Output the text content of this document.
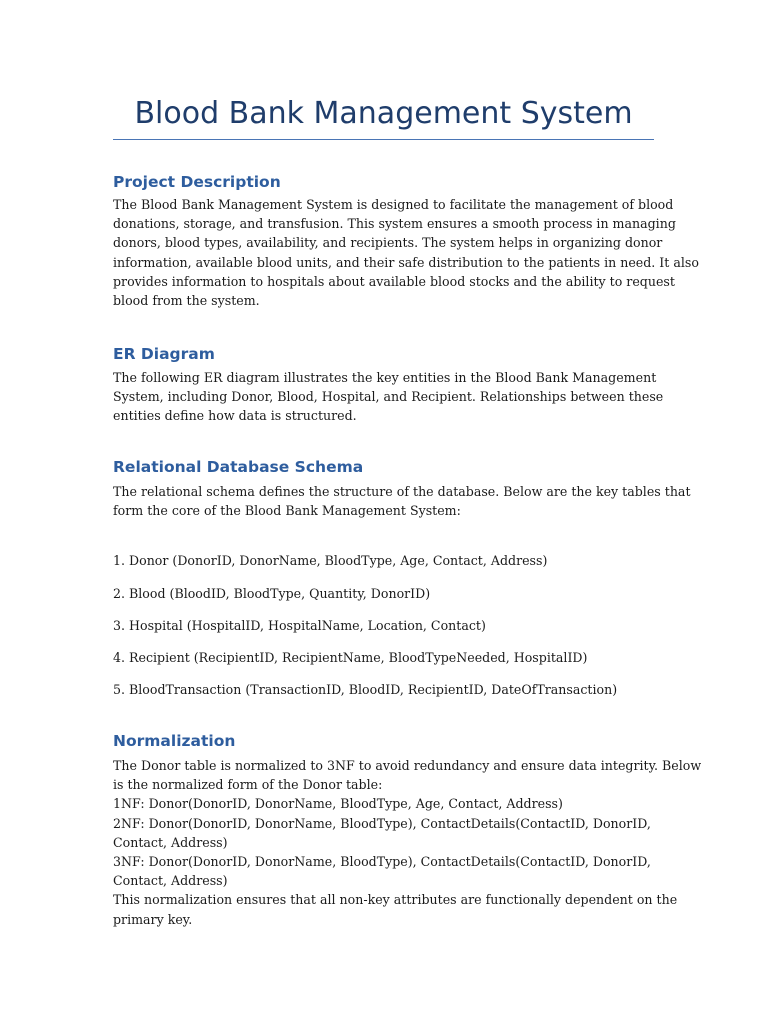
Blood Bank Management System
Project Description
The Blood Bank Management System is designed to facilitate the management of blood
donations, storage, and transfusion. This system ensures a smooth process in managing
donors, blood types, availability, and recipients. The system helps in organizing donor
information, available blood units, and their safe distribution to the patients in need. It also
provides information to hospitals about available blood stocks and the ability to request
blood from the system.
ER Diagram
The following ER diagram illustrates the key entities in the Blood Bank Management
System, including Donor, Blood, Hospital, and Recipient. Relationships between these
entities define how data is structured.
Relational Database Schema
The relational schema defines the structure of the database. Below are the key tables that
form the core of the Blood Bank Management System:
1. Donor (DonorID, DonorName, BloodType, Age, Contact, Address)
2. Blood (BloodID, BloodType, Quantity, DonorID)
3. Hospital (HospitalID, HospitalName, Location, Contact)
4. Recipient (RecipientID, RecipientName, BloodTypeNeeded, HospitalID)
5. BloodTransaction (TransactionID, BloodID, RecipientID, DateOfTransaction)
Normalization
The Donor table is normalized to 3NF to avoid redundancy and ensure data integrity. Below
is the normalized form of the Donor table:
1NF: Donor(DonorID, DonorName, BloodType, Age, Contact, Address)
2NF: Donor(DonorID, DonorName, BloodType), ContactDetails(ContactID, DonorID,
Contact, Address)
3NF: Donor(DonorID, DonorName, BloodType), ContactDetails(ContactID, DonorID,
Contact, Address)
This normalization ensures that all non-key attributes are functionally dependent on the
primary key.
